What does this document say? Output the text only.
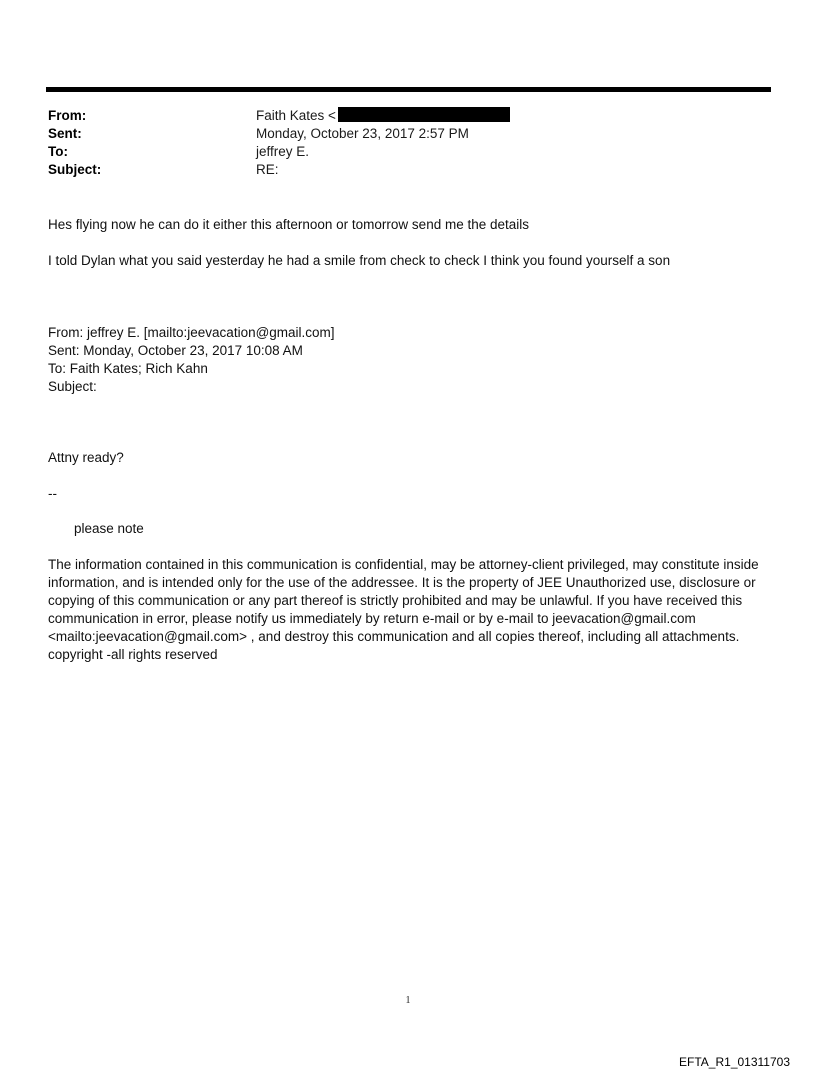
From:	Faith Kates <
Sent:	Monday, October 23, 2017 2:57 PM
To:	jeffrey E.
Subject:	RE:

Hes flying now he can do it either this afternoon or tomorrow send me the details

I told Dylan what you said yesterday he had a smile from check to check I think you found yourself a son

From: jeffrey E. [mailto:jeevacation@gmail.com]
Sent: Monday, October 23, 2017 10:08 AM
To: Faith Kates; Rich Kahn
Subject:

Attny ready?

--

please note

The information contained in this communication is confidential, may be attorney-client privileged, may constitute inside information, and is intended only for the use of the addressee. It is the property of JEE Unauthorized use, disclosure or copying of this communication or any part thereof is strictly prohibited and may be unlawful. If you have received this communication in error, please notify us immediately by return e-mail or by e-mail to jeevacation@gmail.com <mailto:jeevacation@gmail.com> , and destroy this communication and all copies thereof, including all attachments. copyright -all rights reserved

1
EFTA_R1_01311703
